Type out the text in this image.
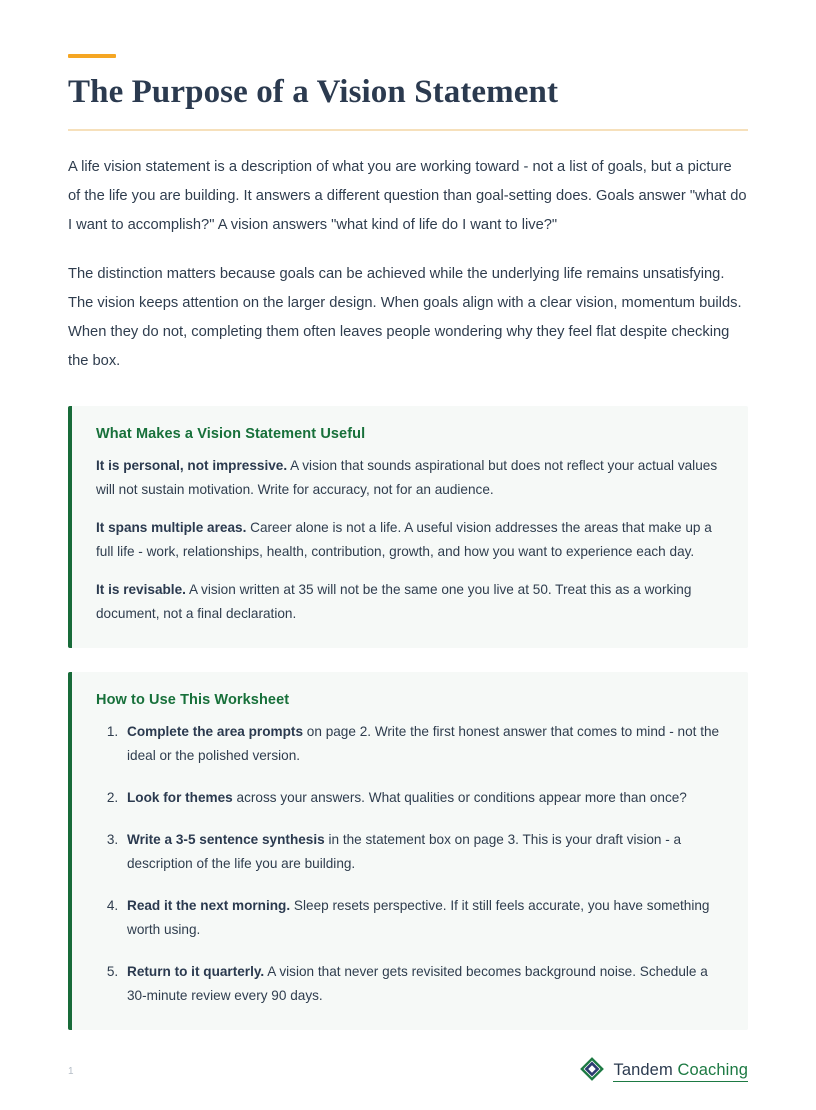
The Purpose of a Vision Statement

A life vision statement is a description of what you are working toward - not a list of goals, but a picture of the life you are building. It answers a different question than goal-setting does. Goals answer "what do I want to accomplish?" A vision answers "what kind of life do I want to live?"

The distinction matters because goals can be achieved while the underlying life remains unsatisfying. The vision keeps attention on the larger design. When goals align with a clear vision, momentum builds. When they do not, completing them often leaves people wondering why they feel flat despite checking the box.

What Makes a Vision Statement Useful

It is personal, not impressive. A vision that sounds aspirational but does not reflect your actual values will not sustain motivation. Write for accuracy, not for an audience.

It spans multiple areas. Career alone is not a life. A useful vision addresses the areas that make up a full life - work, relationships, health, contribution, growth, and how you want to experience each day.

It is revisable. A vision written at 35 will not be the same one you live at 50. Treat this as a working document, not a final declaration.

How to Use This Worksheet
1. Complete the area prompts on page 2. Write the first honest answer that comes to mind - not the ideal or the polished version.
2. Look for themes across your answers. What qualities or conditions appear more than once?
3. Write a 3-5 sentence synthesis in the statement box on page 3. This is your draft vision - a description of the life you are building.
4. Read it the next morning. Sleep resets perspective. If it still feels accurate, you have something worth using.
5. Return to it quarterly. A vision that never gets revisited becomes background noise. Schedule a 30-minute review every 90 days.
1	Tandem Coaching
